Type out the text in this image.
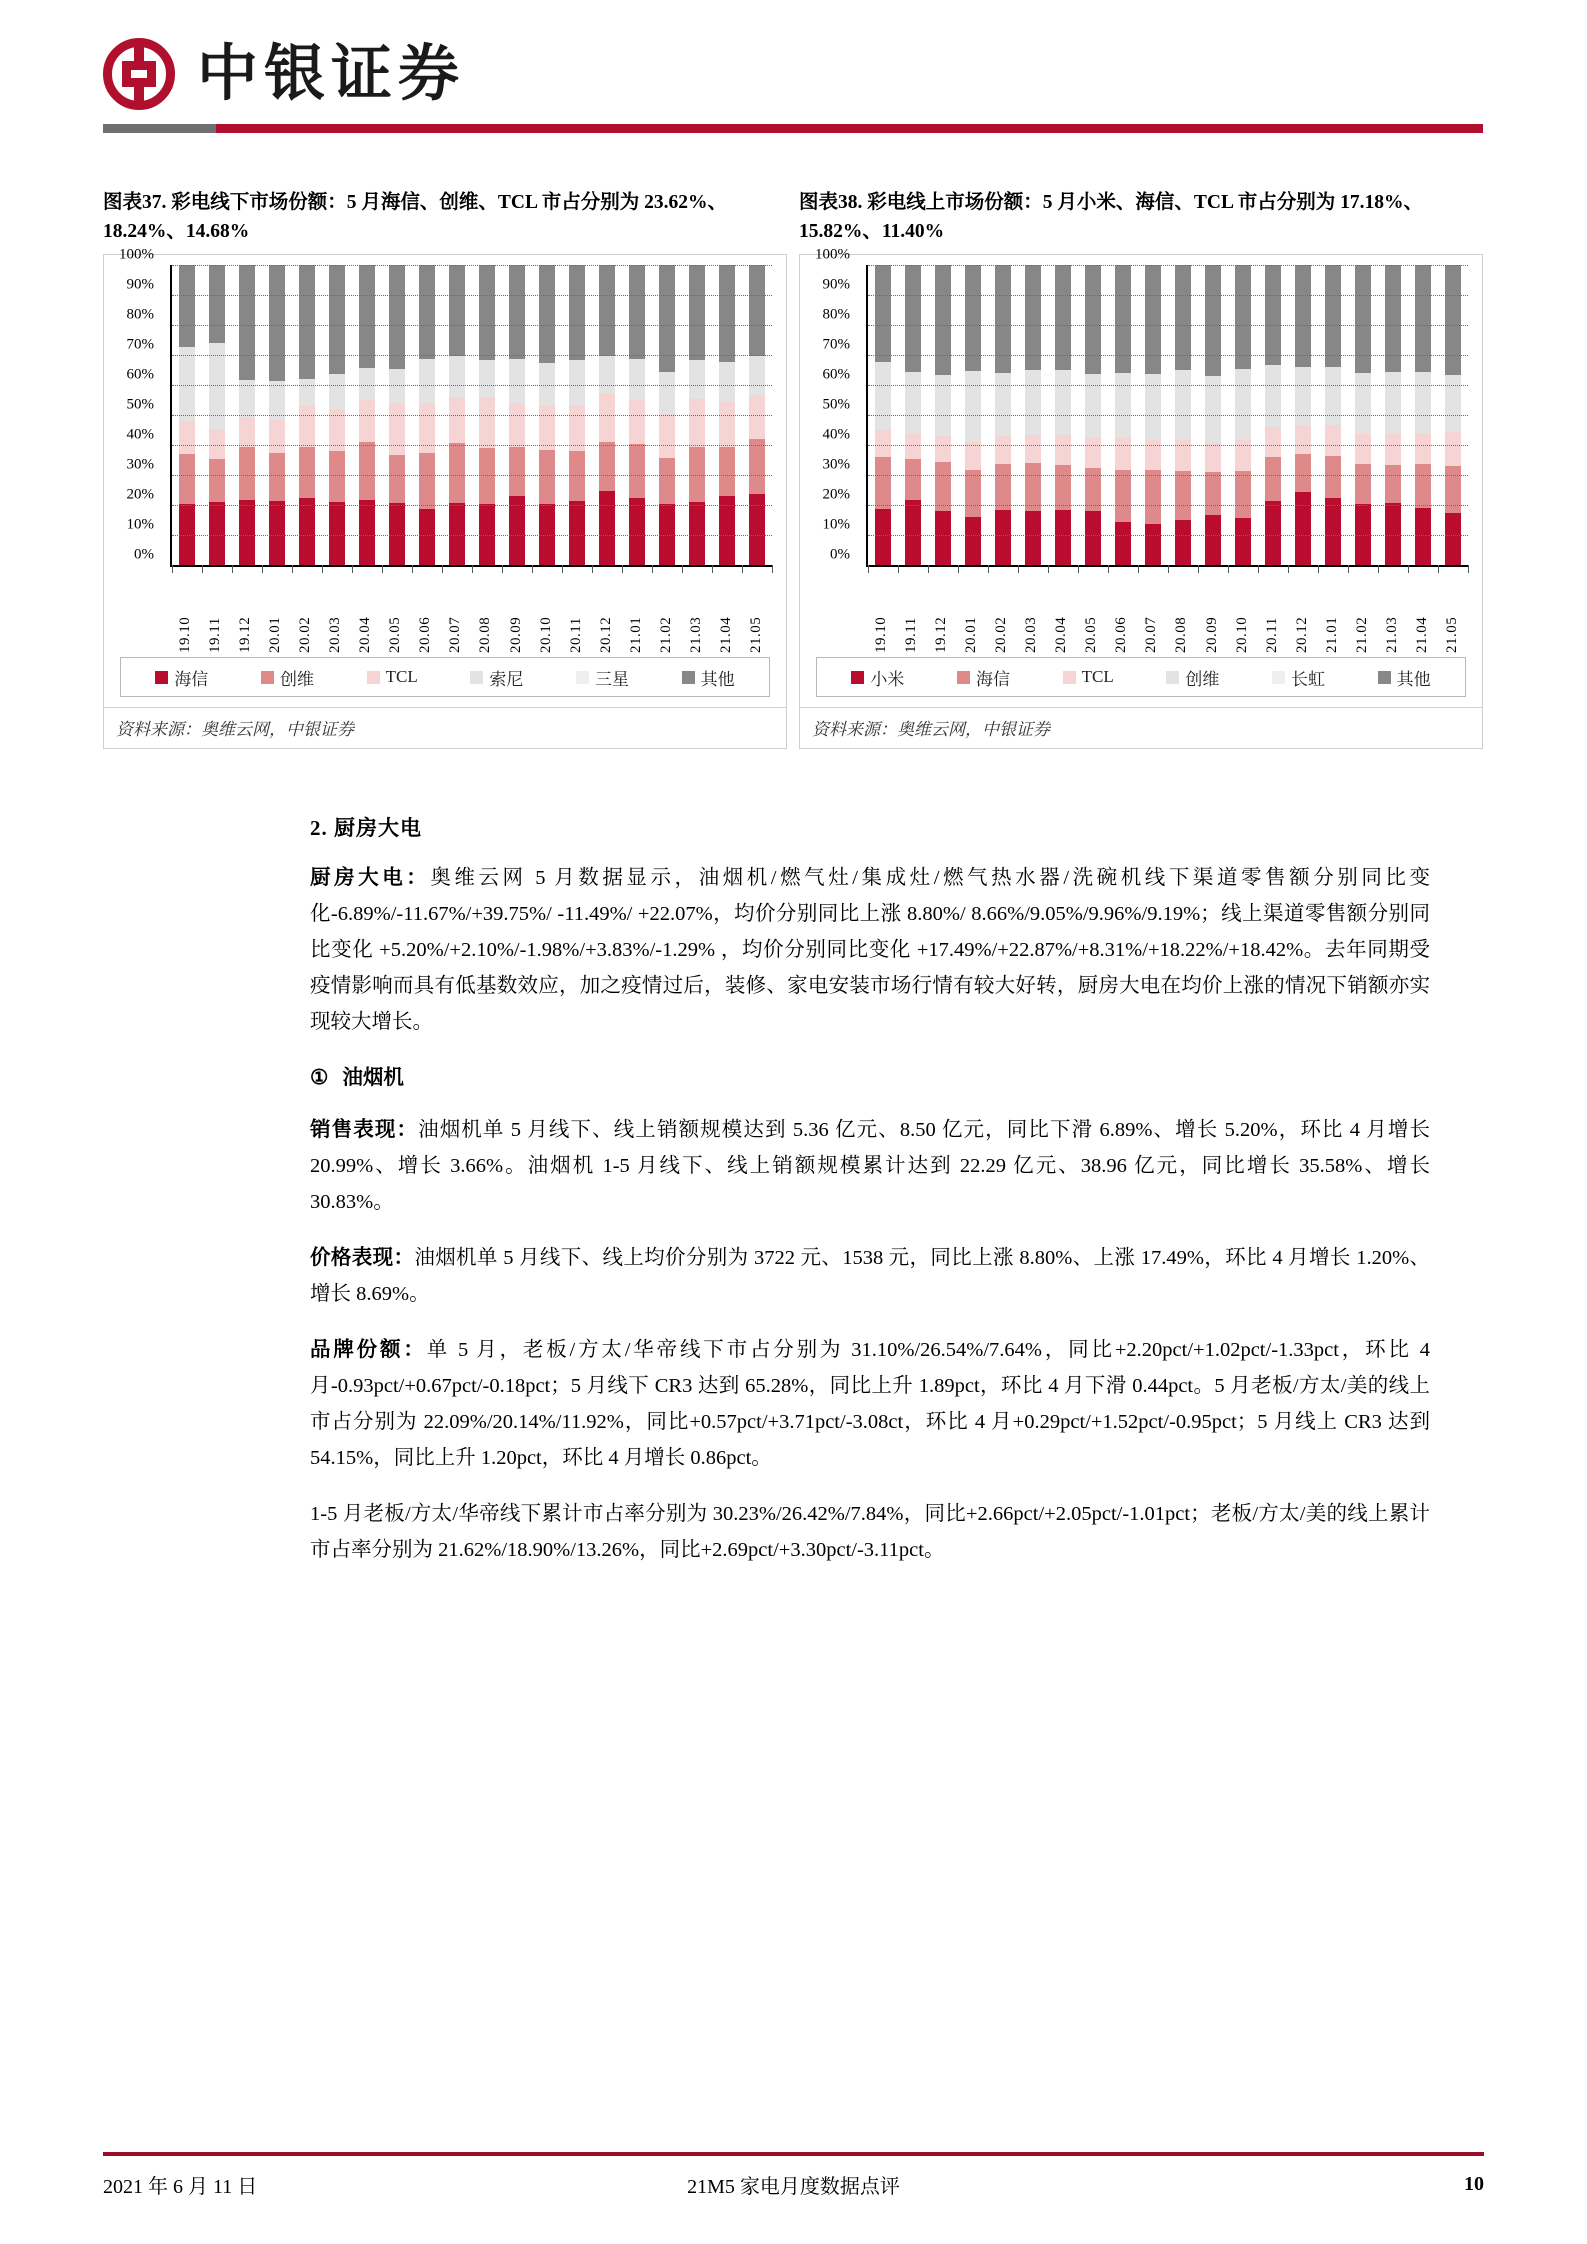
中银证券
图表37. 彩电线下市场份额：5 月海信、创维、TCL 市占分别为 23.62%、18.24%、14.68%
0%
10%
20%
30%
40%
50%
60%
70%
80%
90%
100%
19.10 19.11 19.12 20.01 20.02 20.03 20.04 20.05 20.06 20.07 20.08 20.09 20.10 20.11 20.12 21.01 21.02 21.03 21.04 21.05
海信	创维	TCL	索尼	三星	其他
资料来源：奥维云网，中银证券
图表38. 彩电线上市场份额：5 月小米、海信、TCL 市占分别为 17.18%、15.82%、11.40%
0%
10%
20%
30%
40%
50%
60%
70%
80%
90%
100%
19.10 19.11 19.12 20.01 20.02 20.03 20.04 20.05 20.06 20.07 20.08 20.09 20.10 20.11 20.12 21.01 21.02 21.03 21.04 21.05
小米	海信	TCL	创维	长虹	其他
资料来源：奥维云网，中银证券
2. 厨房大电

厨房大电：奥维云网 5 月数据显示，油烟机/燃气灶/集成灶/燃气热水器/洗碗机线下渠道零售额分别同比变化-6.89%/-11.67%/+39.75%/ -11.49%/ +22.07%，均价分别同比上涨 8.80%/ 8.66%/9.05%/9.96%/9.19%；线上渠道零售额分别同比变化 +5.20%/+2.10%/-1.98%/+3.83%/-1.29% ，均价分别同比变化 +17.49%/+22.87%/+8.31%/+18.22%/+18.42%。去年同期受疫情影响而具有低基数效应，加之疫情过后，装修、家电安装市场行情有较大好转，厨房大电在均价上涨的情况下销额亦实现较大增长。

① 油烟机

销售表现：油烟机单 5 月线下、线上销额规模达到 5.36 亿元、8.50 亿元，同比下滑 6.89%、增长 5.20%，环比 4 月增长 20.99%、增长 3.66%。油烟机 1-5 月线下、线上销额规模累计达到 22.29 亿元、38.96 亿元，同比增长 35.58%、增长 30.83%。

价格表现：油烟机单 5 月线下、线上均价分别为 3722 元、1538 元，同比上涨 8.80%、上涨 17.49%，环比 4 月增长 1.20%、增长 8.69%。

品牌份额：单 5 月，老板/方太/华帝线下市占分别为 31.10%/26.54%/7.64%，同比+2.20pct/+1.02pct/-1.33pct，环比 4 月-0.93pct/+0.67pct/-0.18pct；5 月线下 CR3 达到 65.28%，同比上升 1.89pct，环比 4 月下滑 0.44pct。5 月老板/方太/美的线上市占分别为 22.09%/20.14%/11.92%，同比+0.57pct/+3.71pct/-3.08ct，环比 4 月+0.29pct/+1.52pct/-0.95pct；5 月线上 CR3 达到 54.15%，同比上升 1.20pct，环比 4 月增长 0.86pct。

1-5 月老板/方太/华帝线下累计市占率分别为 30.23%/26.42%/7.84%，同比+2.66pct/+2.05pct/-1.01pct；老板/方太/美的线上累计市占率分别为 21.62%/18.90%/13.26%，同比+2.69pct/+3.30pct/-3.11pct。

2021 年 6 月 11 日	21M5 家电月度数据点评	10
